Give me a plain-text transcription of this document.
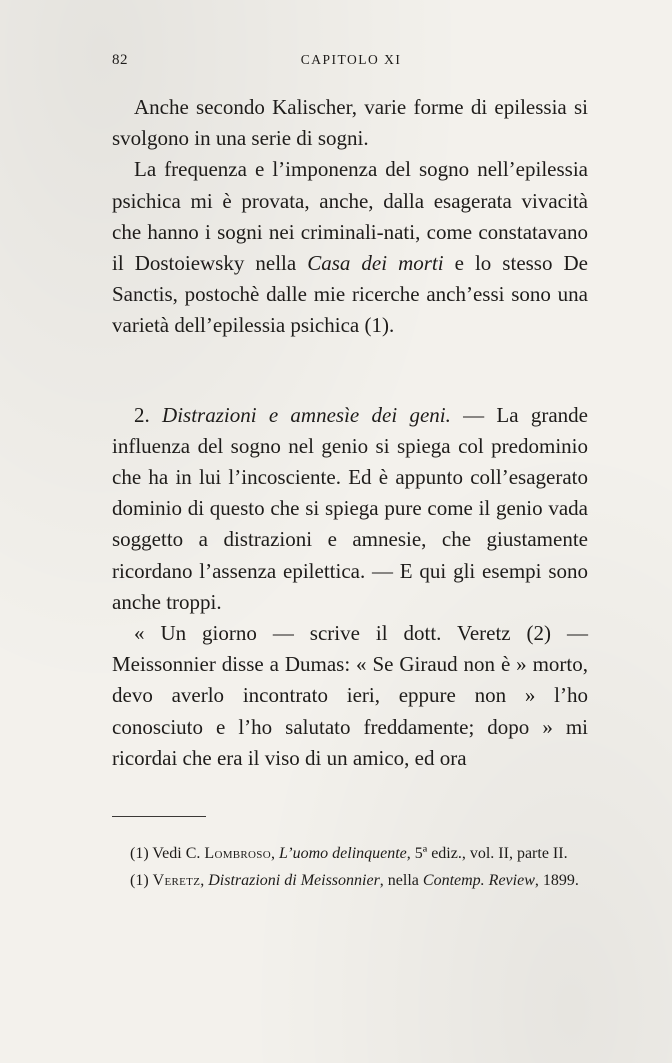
82	CAPITOLO XI

Anche secondo Kalischer, varie forme di epilessia si svolgono in una serie di sogni.

La frequenza e l’imponenza del sogno nell’epilessia psichica mi è provata, anche, dalla esagerata vivacità che hanno i sogni nei criminali-nati, come constatavano il Dostoiewsky nella Casa dei morti e lo stesso De Sanctis, postochè dalle mie ricerche anch’essi sono una varietà dell’epilessia psichica (1).

2. Distrazioni e amnesìe dei geni. — La grande influenza del sogno nel genio si spiega col predominio che ha in lui l’incosciente. Ed è appunto coll’esagerato dominio di questo che si spiega pure come il genio vada soggetto a distrazioni e amnesie, che giustamente ricordano l’assenza epilettica. — E qui gli esempi sono anche troppi.

« Un giorno — scrive il dott. Veretz (2) — Meissonnier disse a Dumas: « Se Giraud non è » morto, devo averlo incontrato ieri, eppure non » l’ho conosciuto e l’ho salutato freddamente; dopo » mi ricordai che era il viso di un amico, ed ora

(1) Vedi C. Lombroso, L’uomo delinquente, 5ª ediz., vol. II, parte II.

(1) Veretz, Distrazioni di Meissonnier, nella Contemp. Review, 1899.
